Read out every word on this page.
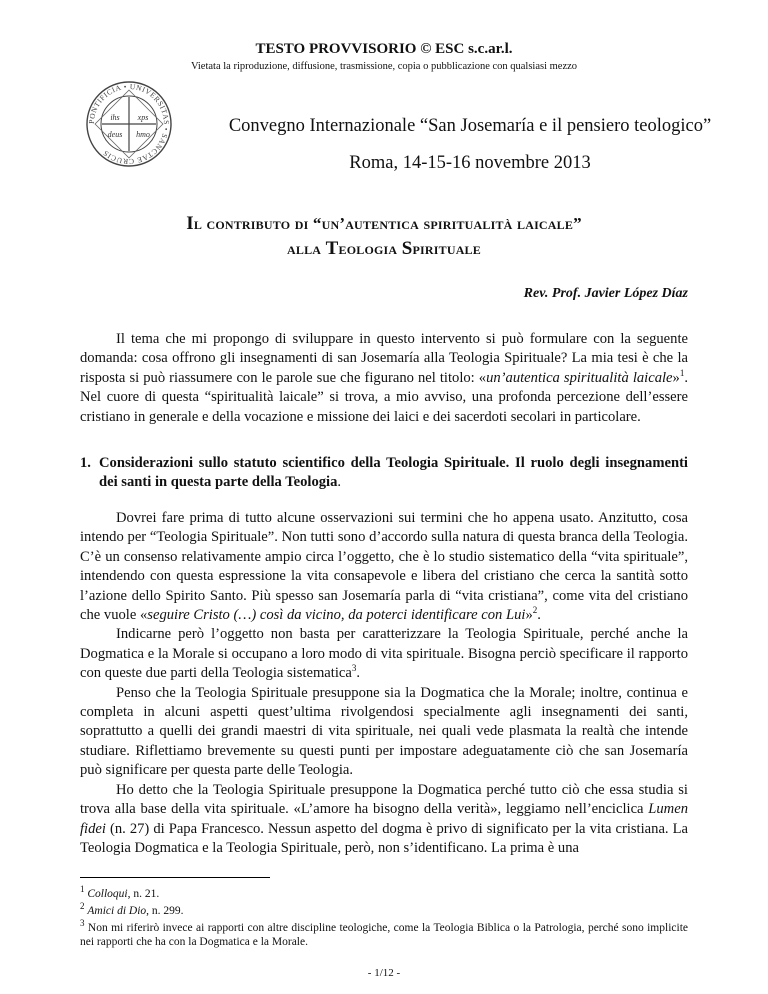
TESTO PROVVISORIO © ESC s.c.ar.l.
Vietata la riproduzione, diffusione, trasmissione, copia o pubblicazione con qualsiasi mezzo
ihs xps
deus hmo
PONTIFICIA • UNIVERSITAS • SANCTAE CRUCIS
Convegno Internazionale “San Josemaría e il pensiero teologico”
Roma, 14-15-16 novembre 2013
Il contributo di “un’autentica spiritualità laicale”
alla Teologia Spirituale
Rev. Prof. Javier López Díaz

Il tema che mi propongo di sviluppare in questo intervento si può formulare con la seguente domanda: cosa offrono gli insegnamenti di san Josemaría alla Teologia Spirituale? La mia tesi è che la risposta si può riassumere con le parole sue che figurano nel titolo: «un’autentica spiritualità laicale»$^1$. Nel cuore di questa “spiritualità laicale” si trova, a mio avviso, una profonda percezione dell’essere cristiano in generale e della vocazione e missione dei laici e dei sacerdoti secolari in particolare.

1. Considerazioni sullo statuto scientifico della Teologia Spirituale. Il ruolo degli insegnamenti dei santi in questa parte della Teologia.

Dovrei fare prima di tutto alcune osservazioni sui termini che ho appena usato. Anzitutto, cosa intendo per “Teologia Spirituale”. Non tutti sono d’accordo sulla natura di questa branca della Teologia. C’è un consenso relativamente ampio circa l’oggetto, che è lo studio sistematico della “vita spirituale”, intendendo con questa espressione la vita consapevole e libera del cristiano che cerca la santità sotto l’azione dello Spirito Santo. Più spesso san Josemaría parla di “vita cristiana”, come vita del cristiano che vuole «seguire Cristo (…) così da vicino, da poterci identificare con Lui»$^2$.

Indicarne però l’oggetto non basta per caratterizzare la Teologia Spirituale, perché anche la Dogmatica e la Morale si occupano a loro modo di vita spirituale. Bisogna perciò specificare il rapporto con queste due parti della Teologia sistematica$^3$.

Penso che la Teologia Spirituale presuppone sia la Dogmatica che la Morale; inoltre, continua e completa in alcuni aspetti quest’ultima rivolgendosi specialmente agli insegnamenti dei santi, soprattutto a quelli dei grandi maestri di vita spirituale, nei quali vede plasmata la realtà che intende studiare. Riflettiamo brevemente su questi punti per impostare adeguatamente ciò che san Josemaría può significare per questa parte delle Teologia.

Ho detto che la Teologia Spirituale presuppone la Dogmatica perché tutto ciò che essa studia si trova alla base della vita spirituale. «L’amore ha bisogno della verità», leggiamo nell’enciclica Lumen fidei (n. 27) di Papa Francesco. Nessun aspetto del dogma è privo di significato per la vita cristiana. La Teologia Dogmatica e la Teologia Spirituale, però, non s’identificano. La prima è una

$^1$ Colloqui, n. 21.
$^2$ Amici di Dio, n. 299.
$^3$ Non mi riferirò invece ai rapporti con altre discipline teologiche, come la Teologia Biblica o la Patrologia, perché sono implicite nei rapporti che ha con la Dogmatica e la Morale.
- 1/12 -
